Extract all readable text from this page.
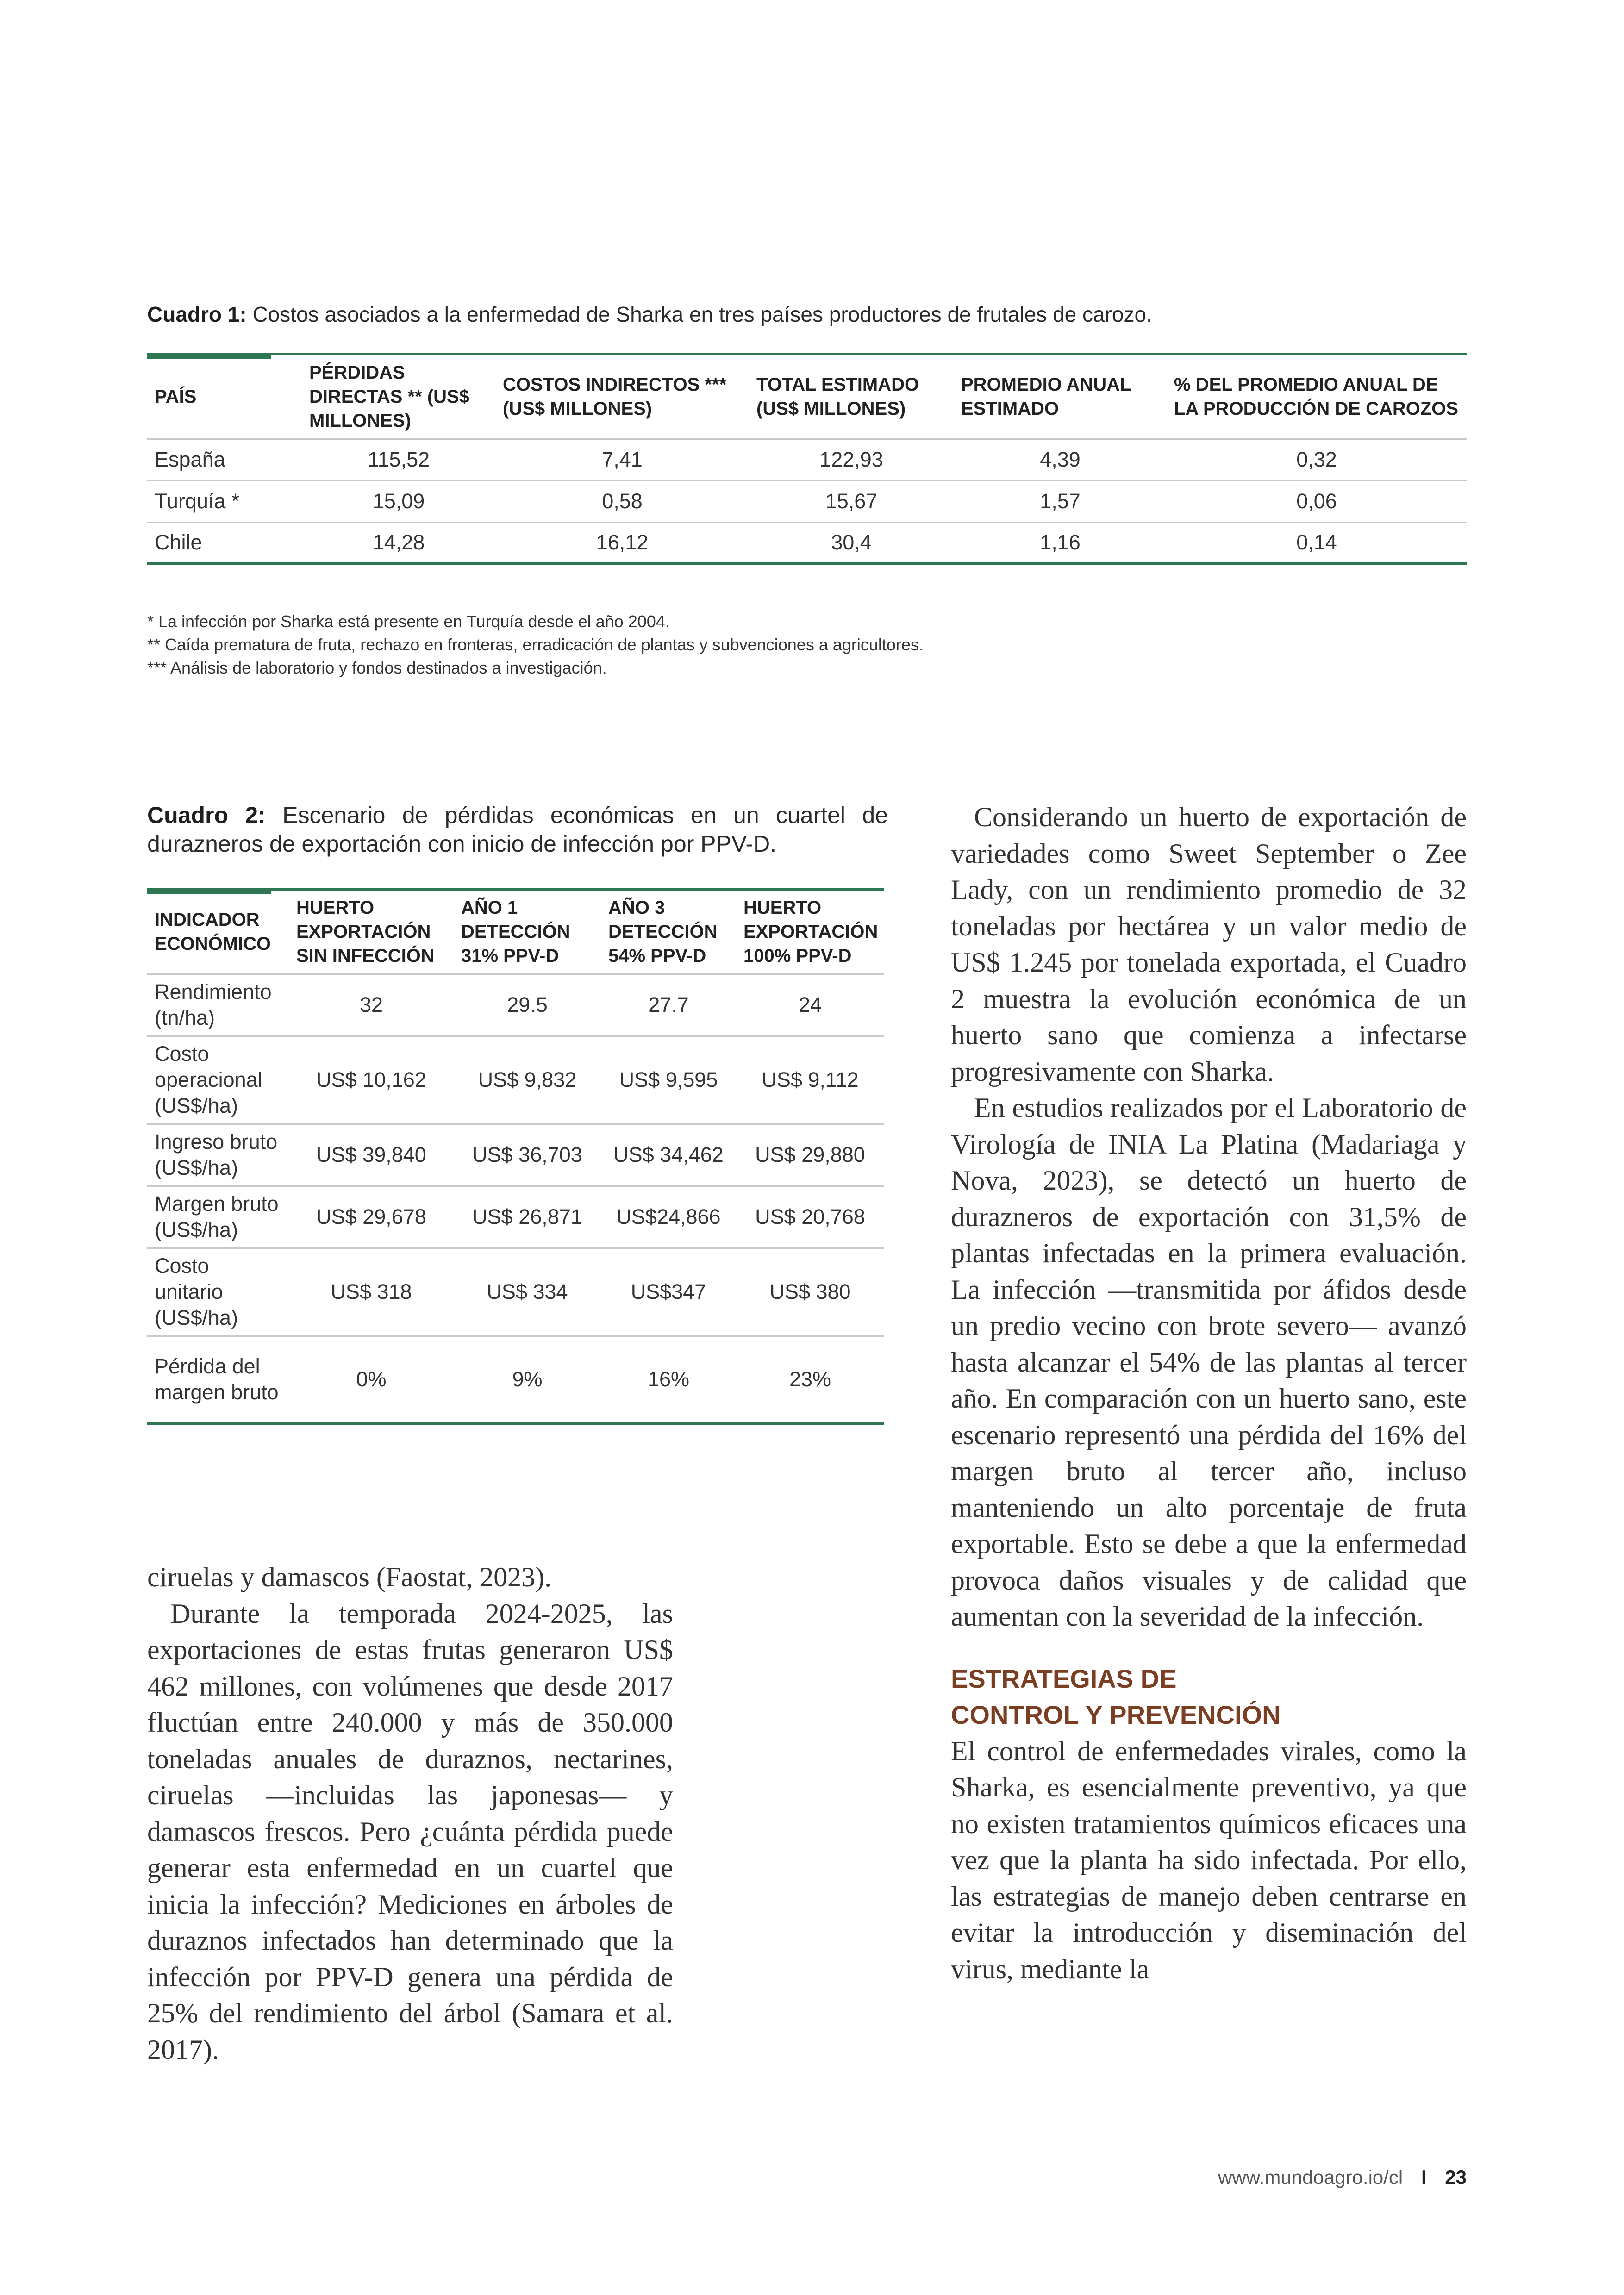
Cuadro 1: Costos asociados a la enfermedad de Sharka en tres países productores de frutales de carozo.
PAÍS	PÉRDIDAS DIRECTAS ** (US$ MILLONES)	COSTOS INDIRECTOS *** (US$ MILLONES)	TOTAL ESTIMADO (US$ MILLONES)	PROMEDIO ANUAL ESTIMADO	% DEL PROMEDIO ANUAL DE LA PRODUCCIÓN DE CAROZOS
España	115,52	7,41	122,93	4,39	0,32
Turquía *	15,09	0,58	15,67	1,57	0,06
Chile	14,28	16,12	30,4	1,16	0,14
* La infección por Sharka está presente en Turquía desde el año 2004.
** Caída prematura de fruta, rechazo en fronteras, erradicación de plantas y subvenciones a agricultores.
*** Análisis de laboratorio y fondos destinados a investigación.
Cuadro 2: Escenario de pérdidas económicas en un cuartel de durazneros de exportación con inicio de infección por PPV-D.
INDICADOR ECONÓMICO	HUERTO EXPORTACIÓN SIN INFECCIÓN	AÑO 1 DETECCIÓN 31% PPV-D	AÑO 3 DETECCIÓN 54% PPV-D	HUERTO EXPORTACIÓN 100% PPV-D
Rendimiento (tn/ha)	32	29.5	27.7	24
Costo operacional (US$/ha)	US$ 10,162	US$ 9,832	US$ 9,595	US$ 9,112
Ingreso bruto (US$/ha)	US$ 39,840	US$ 36,703	US$ 34,462	US$ 29,880
Margen bruto (US$/ha)	US$ 29,678	US$ 26,871	US$24,866	US$ 20,768
Costo unitario (US$/ha)	US$ 318	US$ 334	US$347	US$ 380
Pérdida del margen bruto	0%	9%	16%	23%
ciruelas y damascos (Faostat, 2023).
Durante la temporada 2024-2025, las exportaciones de estas frutas generaron US$ 462 millones, con volúmenes que desde 2017 fluctúan entre 240.000 y más de 350.000 toneladas anuales de duraznos, nectarines, ciruelas —incluidas las japonesas— y damascos frescos. Pero ¿cuánta pérdida puede generar esta enfermedad en un cuartel que inicia la infección? Mediciones en árboles de duraznos infectados han determinado que la infección por PPV-D genera una pérdida de 25% del rendimiento del árbol (Samara et al. 2017).
Considerando un huerto de exportación de variedades como Sweet September o Zee Lady, con un rendimiento promedio de 32 toneladas por hectárea y un valor medio de US$ 1.245 por tonelada exportada, el Cuadro 2 muestra la evolución económica de un huerto sano que comienza a infectarse progresivamente con Sharka.
En estudios realizados por el Laboratorio de Virología de INIA La Platina (Madariaga y Nova, 2023), se detectó un huerto de durazneros de exportación con 31,5% de plantas infectadas en la primera evaluación. La infección —transmitida por áfidos desde un predio vecino con brote severo— avanzó hasta alcanzar el 54% de las plantas al tercer año. En comparación con un huerto sano, este escenario representó una pérdida del 16% del margen bruto al tercer año, incluso manteniendo un alto porcentaje de fruta exportable. Esto se debe a que la enfermedad provoca daños visuales y de calidad que aumentan con la severidad de la infección.
ESTRATEGIAS DE
CONTROL Y PREVENCIÓN
El control de enfermedades virales, como la Sharka, es esencialmente preventivo, ya que no existen tratamientos químicos eficaces una vez que la planta ha sido infectada. Por ello, las estrategias de manejo deben centrarse en evitar la introducción y diseminación del virus, mediante la
www.mundoagro.io/cl I 23
